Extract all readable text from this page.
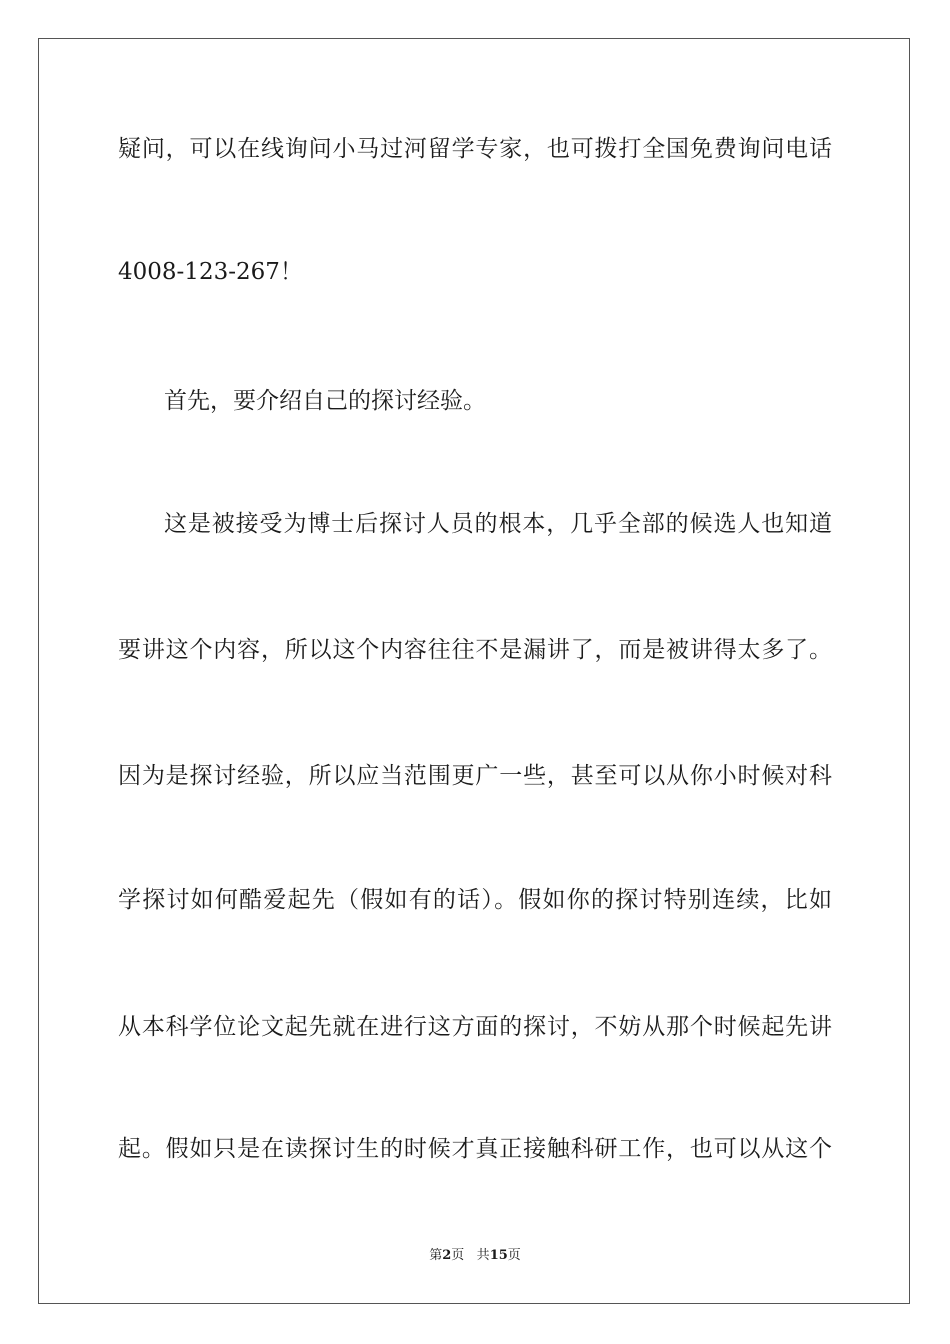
疑问，可以在线询问小马过河留学专家，也可拨打全国免费询问电话
4008-123-267！
首先，要介绍自己的探讨经验。
这是被接受为博士后探讨人员的根本，几乎全部的候选人也知道
要讲这个内容，所以这个内容往往不是漏讲了，而是被讲得太多了。
因为是探讨经验，所以应当范围更广一些，甚至可以从你小时候对科
学探讨如何酷爱起先（假如有的话）。假如你的探讨特别连续，比如
从本科学位论文起先就在进行这方面的探讨，不妨从那个时候起先讲
起。假如只是在读探讨生的时候才真正接触科研工作，也可以从这个
第2页 共15页
